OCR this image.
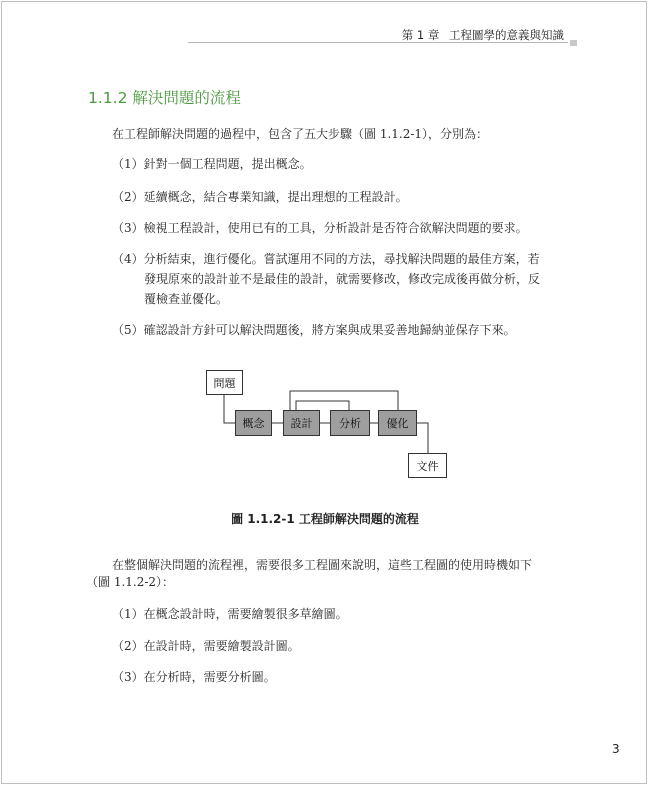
第 1 章 工程圖學的意義與知識
1.1.2 解決問題的流程
在工程師解決問題的過程中，包含了五大步驟（圖 1.1.2-1），分別為：
（1）針對一個工程問題，提出概念。
（2）延續概念，結合專業知識，提出理想的工程設計。
（3）檢視工程設計，使用已有的工具，分析設計是否符合欲解決問題的要求。
（4）分析結束，進行優化。嘗試運用不同的方法，尋找解決問題的最佳方案，若
發現原來的設計並不是最佳的設計，就需要修改，修改完成後再做分析，反
覆檢查並優化。
（5）確認設計方針可以解決問題後，將方案與成果妥善地歸納並保存下來。
問題
概念	設計	分析	優化
文件
圖 1.1.2-1 工程師解決問題的流程
在整個解決問題的流程裡，需要很多工程圖來說明，這些工程圖的使用時機如下
（圖 1.1.2-2）：
（1）在概念設計時，需要繪製很多草繪圖。
（2）在設計時，需要繪製設計圖。
（3）在分析時，需要分析圖。
3
